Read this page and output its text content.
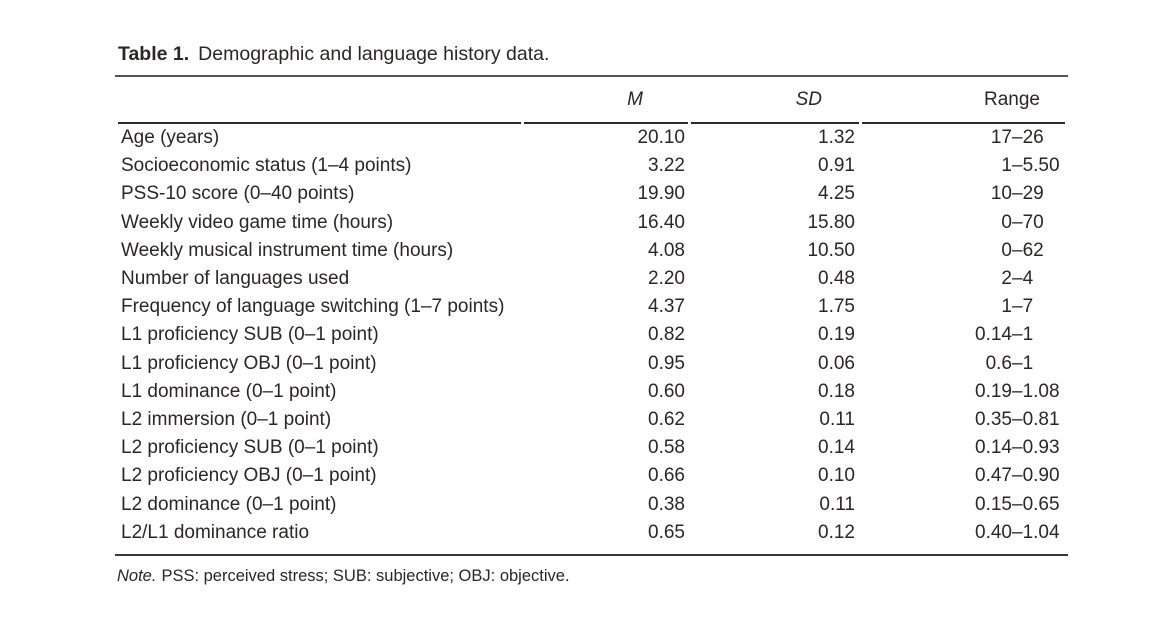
Table 1. Demographic and language history data.
	M	SD	Range
Age (years)	20.10	1.32	17–26
Socioeconomic status (1–4 points)	3.22	0.91	1–5.50
PSS-10 score (0–40 points)	19.90	4.25	10–29
Weekly video game time (hours)	16.40	15.80	0–70
Weekly musical instrument time (hours)	4.08	10.50	0–62
Number of languages used	2.20	0.48	2–4
Frequency of language switching (1–7 points)	4.37	1.75	1–7
L1 proficiency SUB (0–1 point)	0.82	0.19	0.14–1
L1 proficiency OBJ (0–1 point)	0.95	0.06	0.6–1
L1 dominance (0–1 point)	0.60	0.18	0.19–1.08
L2 immersion (0–1 point)	0.62	0.11	0.35–0.81
L2 proficiency SUB (0–1 point)	0.58	0.14	0.14–0.93
L2 proficiency OBJ (0–1 point)	0.66	0.10	0.47–0.90
L2 dominance (0–1 point)	0.38	0.11	0.15–0.65
L2/L1 dominance ratio	0.65	0.12	0.40–1.04
Note. PSS: perceived stress; SUB: subjective; OBJ: objective.
